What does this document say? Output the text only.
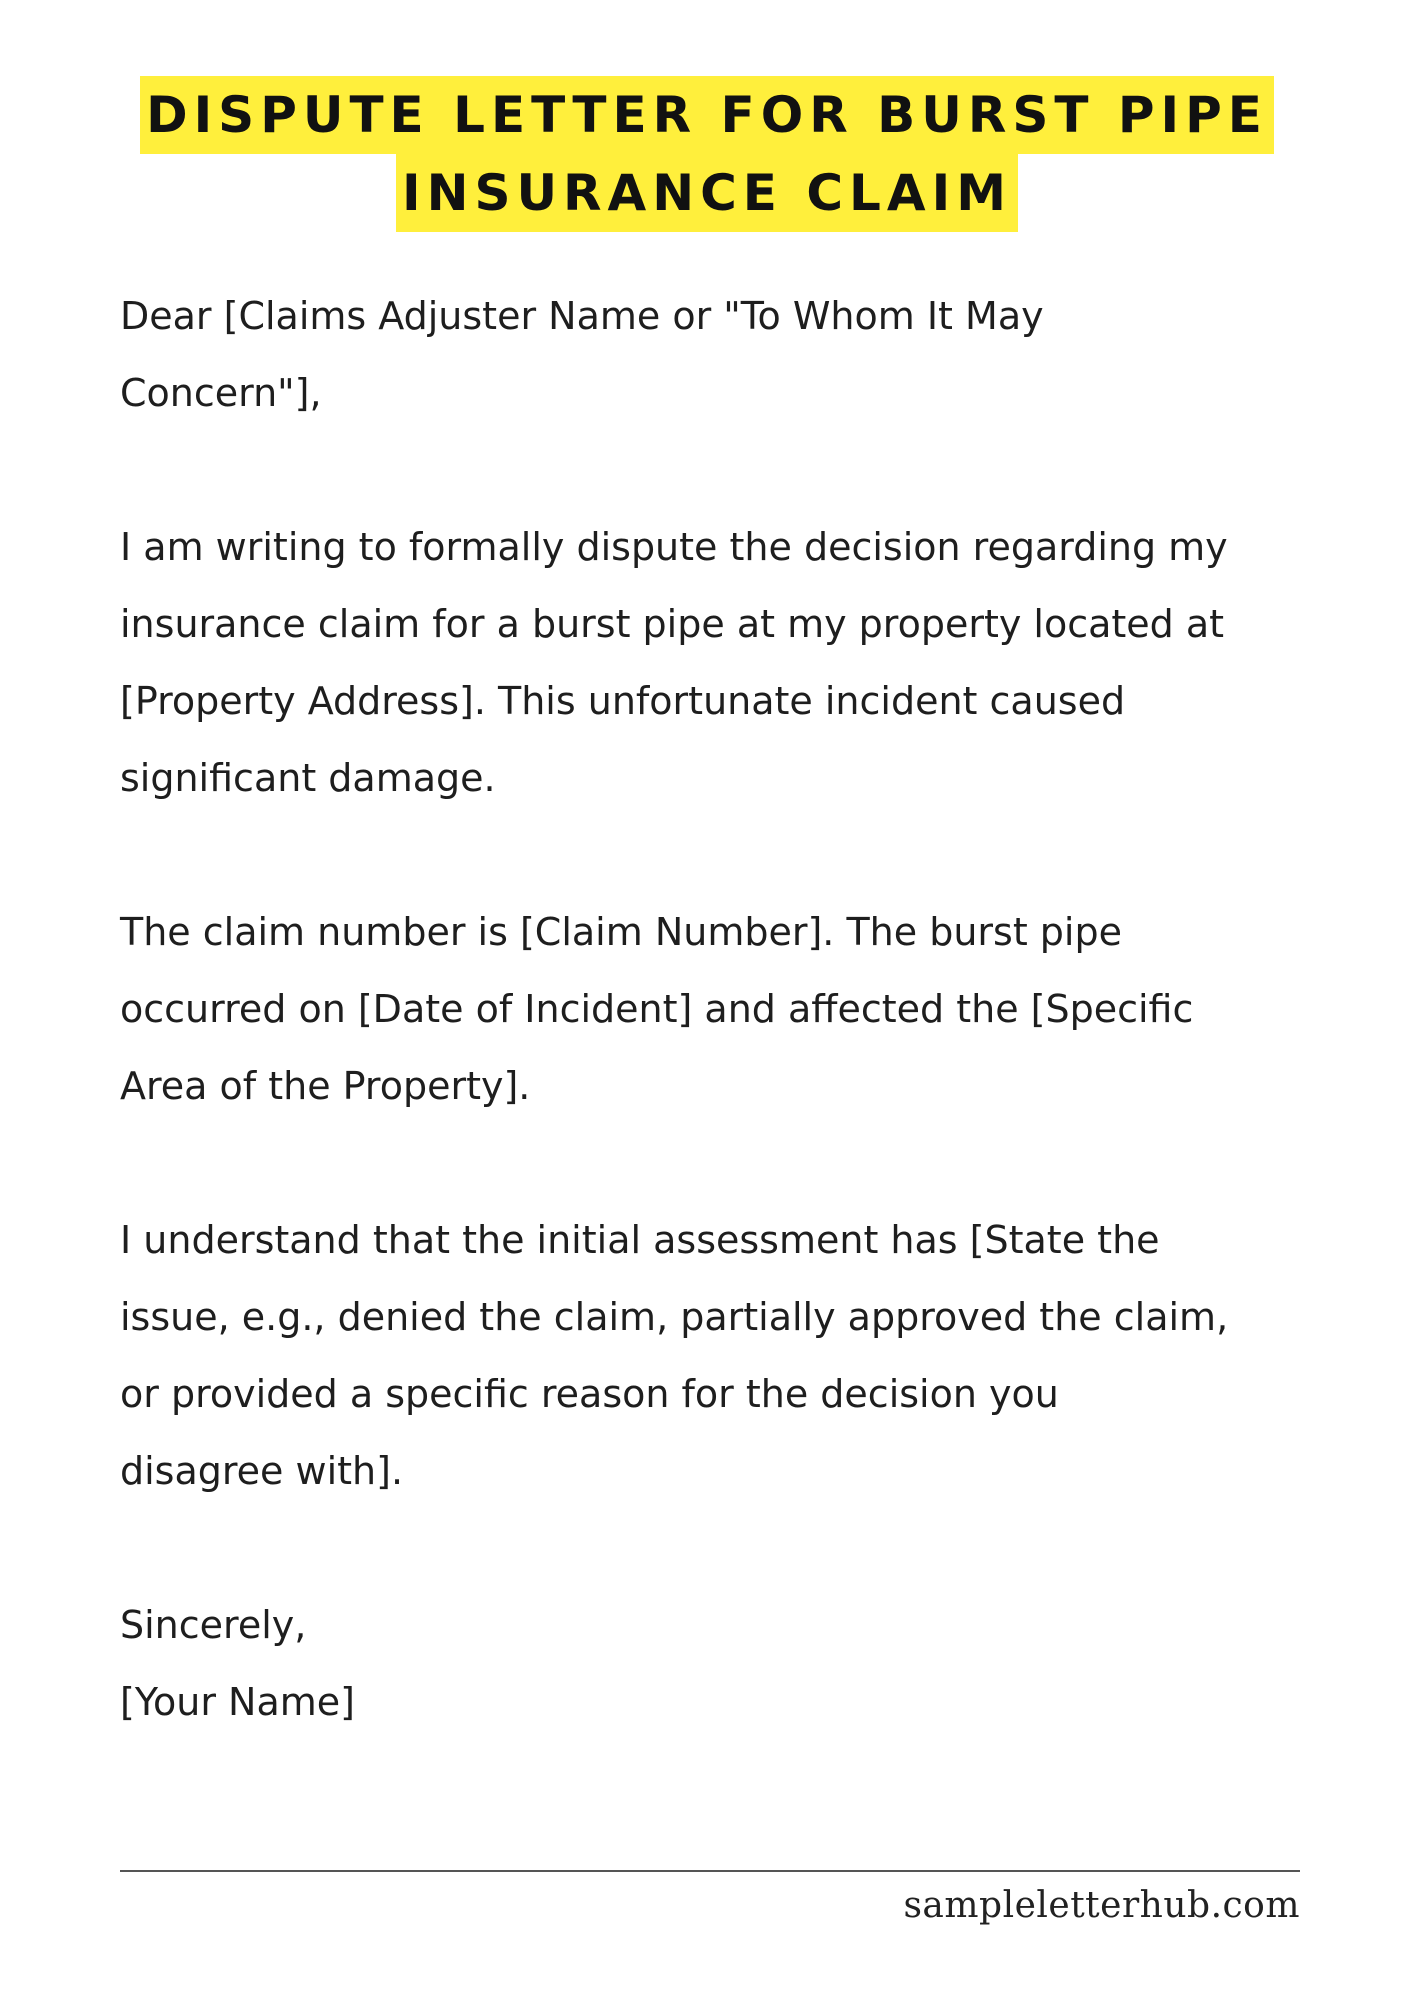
DISPUTE LETTER FOR BURST PIPE
INSURANCE CLAIM

Dear [Claims Adjuster Name or "To Whom It May
Concern"],

I am writing to formally dispute the decision regarding my
insurance claim for a burst pipe at my property located at
[Property Address]. This unfortunate incident caused
significant damage.

The claim number is [Claim Number]. The burst pipe
occurred on [Date of Incident] and affected the [Specific
Area of the Property].

I understand that the initial assessment has [State the
issue, e.g., denied the claim, partially approved the claim,
or provided a specific reason for the decision you
disagree with].

Sincerely,

[Your Name]

sampleletterhub.com
